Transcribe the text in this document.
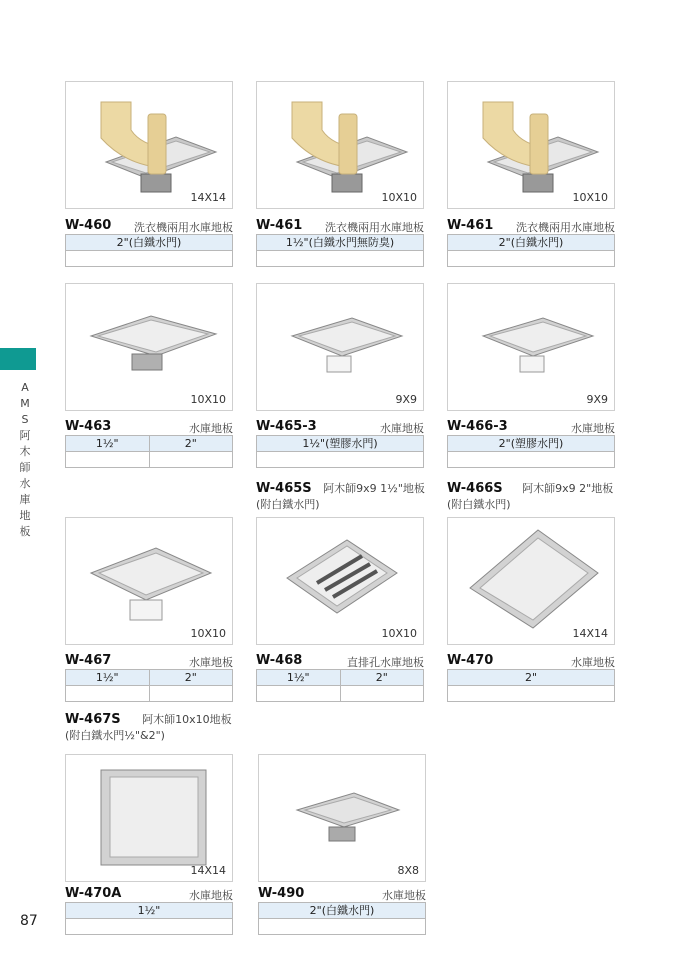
AMS阿木師水庫地板
87
14X14
W-460 洗衣機兩用水庫地板
2"(白鐵水門)
10X10
W-461 洗衣機兩用水庫地板
1½"(白鐵水門無防臭)
10X10
W-461 洗衣機兩用水庫地板
2"(白鐵水門)
10X10
W-463	水庫地板
1½"	2"
9X9
W-465-3	水庫地板
1½"(塑膠水門)
9X9
W-466-3	水庫地板
2"(塑膠水門)
W-465S 阿木師9x9 1½"地板
(附白鐵水門)
W-466S 阿木師9x9 2"地板
(附白鐵水門)
10X10
W-467	水庫地板
1½"	2"
10X10
W-468	直排孔水庫地板
1½"	2"
14X14
W-470	水庫地板
2"
W-467S 阿木師10x10地板
(附白鐵水門½"&2")
14X14
W-470A	水庫地板
1½"
8X8
W-490	水庫地板
2"(白鐵水門)
